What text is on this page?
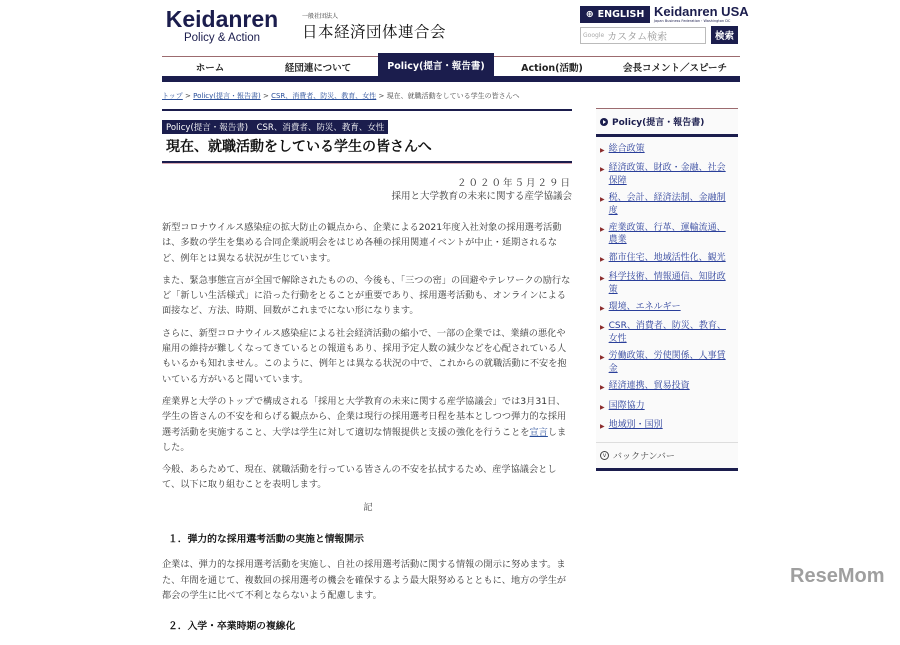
Keidanren
Policy & Action
一般社団法人
日本経済団体連合会
⊕ ENGLISH Keidanren USA
Japan Business Federation・Washington DC
Google カスタム検索	検索
ホーム	経団連について	Policy(提言・報告書)	Action(活動)	会長コメント／スピーチ
トップ > Policy(提言・報告書) > CSR、消費者、防災、教育、女性 > 現在、就職活動をしている学生の皆さんへ
Policy(提言・報告書)　CSR、消費者、防災、教育、女性
現在、就職活動をしている学生の皆さんへ
２０２０年５月２９日
採用と大学教育の未来に関する産学協議会

新型コロナウイルス感染症の拡大防止の観点から、企業による2021年度入社対象の採用選考活動は、多数の学生を集める合同企業説明会をはじめ各種の採用関連イベントが中止・延期されるなど、例年とは異なる状況が生じています。

また、緊急事態宣言が全国で解除されたものの、今後も、「三つの密」の回避やテレワークの励行など「新しい生活様式」に沿った行動をとることが重要であり、採用選考活動も、オンラインによる面接など、方法、時期、回数がこれまでにない形になります。

さらに、新型コロナウイルス感染症による社会経済活動の縮小で、一部の企業では、業績の悪化や雇用の維持が難しくなってきているとの報道もあり、採用予定人数の減少などを心配されている人もいるかも知れません。このように、例年とは異なる状況の中で、これからの就職活動に不安を抱いている方がいると聞いています。

産業界と大学のトップで構成される「採用と大学教育の未来に関する産学協議会」では3月31日、学生の皆さんの不安を和らげる観点から、企業は現行の採用選考日程を基本としつつ弾力的な採用選考活動を実施すること、大学は学生に対して適切な情報提供と支援の強化を行うことを宣言しました。

今般、あらためて、現在、就職活動を行っている皆さんの不安を払拭するため、産学協議会として、以下に取り組むことを表明します。

記
１．弾力的な採用選考活動の実施と情報開示

企業は、弾力的な採用選考活動を実施し、自社の採用選考活動に関する情報の開示に努めます。また、年間を通じて、複数回の採用選考の機会を確保するよう最大限努めるとともに、地方の学生が都会の学生に比べて不利とならないよう配慮します。

２．入学・卒業時期の複線化
Policy(提言・報告書)
▶ 総合政策
▶ 経済政策、財政・金融、社会保障
▶ 税、会計、経済法制、金融制度
▶ 産業政策、行革、運輸流通、農業
▶ 都市住宅、地域活性化、観光
▶ 科学技術、情報通信、知財政策
▶ 環境、エネルギー
▶ CSR、消費者、防災、教育、女性
▶ 労働政策、労使関係、人事賃金
▶ 経済連携、貿易投資
▶ 国際協力
▶ 地域別・国別
v バックナンバー
ReseMom
